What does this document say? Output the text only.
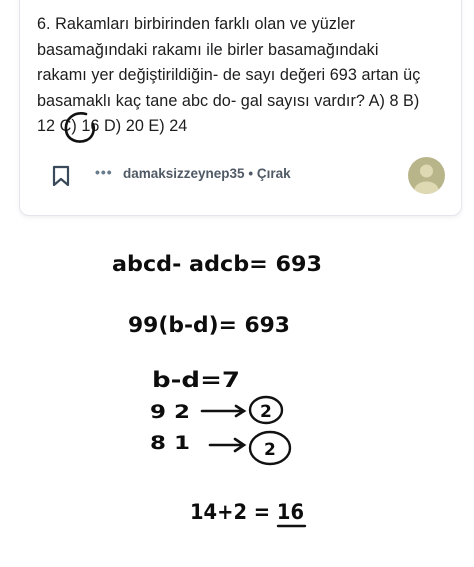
6. Rakamları birbirinden farklı olan ve yüzler
basamağındaki rakamı ile birler basamağındaki
rakamı yer değiştirildiğin- de sayı değeri 693 artan üç
basamaklı kaç tane abc do- gal sayısı vardır? A) 8 B)
12 C) 16 D) 20 E) 24
••• damaksizzeynep35 • Çırak
abcd- adcb= 693
99(b-d)= 693
b-d=7
9 2	2
8 1	2
14+2 = 16
